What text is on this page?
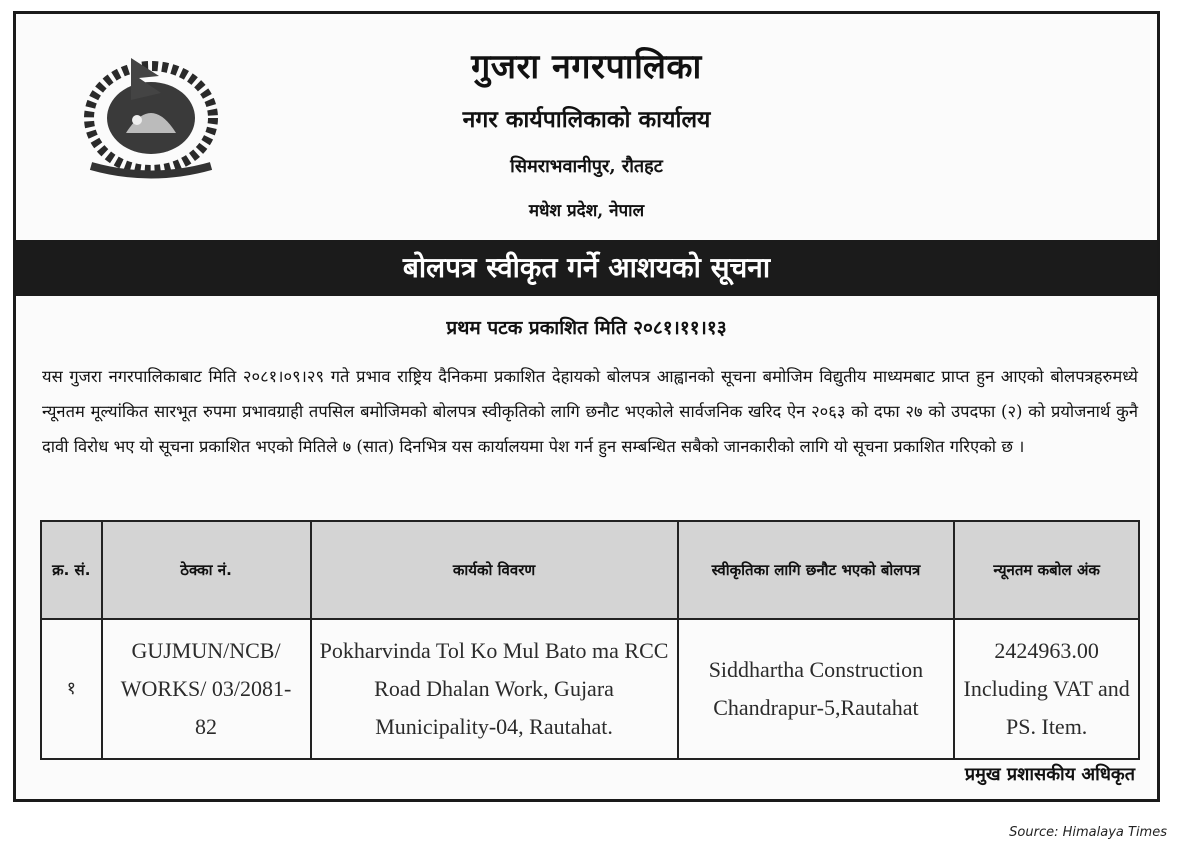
गुजरा नगरपालिका
नगर कार्यपालिकाको कार्यालय
सिमराभवानीपुर, रौतहट
मधेश प्रदेश, नेपाल
बोलपत्र स्वीकृत गर्ने आशयको सूचना
प्रथम पटक प्रकाशित मिति २०८१।११।१३
यस गुजरा नगरपालिकाबाट मिति २०८१।०९।२९ गते प्रभाव राष्ट्रिय दैनिकमा प्रकाशित देहायको बोलपत्र आह्वानको सूचना बमोजिम विद्युतीय माध्यमबाट प्राप्त हुन आएको बोलपत्रहरुमध्ये न्यूनतम मूल्यांकित सारभूत रुपमा प्रभावग्राही तपसिल बमोजिमको बोलपत्र स्वीकृतिको लागि छनौट भएकोले सार्वजनिक खरिद ऐन २०६३ को दफा २७ को उपदफा (२) को प्रयोजनार्थ कुनै दावी विरोध भए यो सूचना प्रकाशित भएको मितिले ७ (सात) दिनभित्र यस कार्यालयमा पेश गर्न हुन सम्बन्धित सबैको जानकारीको लागि यो सूचना प्रकाशित गरिएको छ ।
क्र. सं.	ठेक्का नं.	कार्यको विवरण	स्वीकृतिका लागि छनौट भएको बोलपत्र	न्यूनतम कबोल अंक
१	GUJMUN/NCB/ WORKS/ 03/2081-82	Pokharvinda Tol Ko Mul Bato ma RCC Road Dhalan Work, Gujara Municipality-04, Rautahat.	Siddhartha Construction Chandrapur-5,Rautahat	2424963.00 Including VAT and PS. Item.
प्रमुख प्रशासकीय अधिकृत
Source: Himalaya Times
